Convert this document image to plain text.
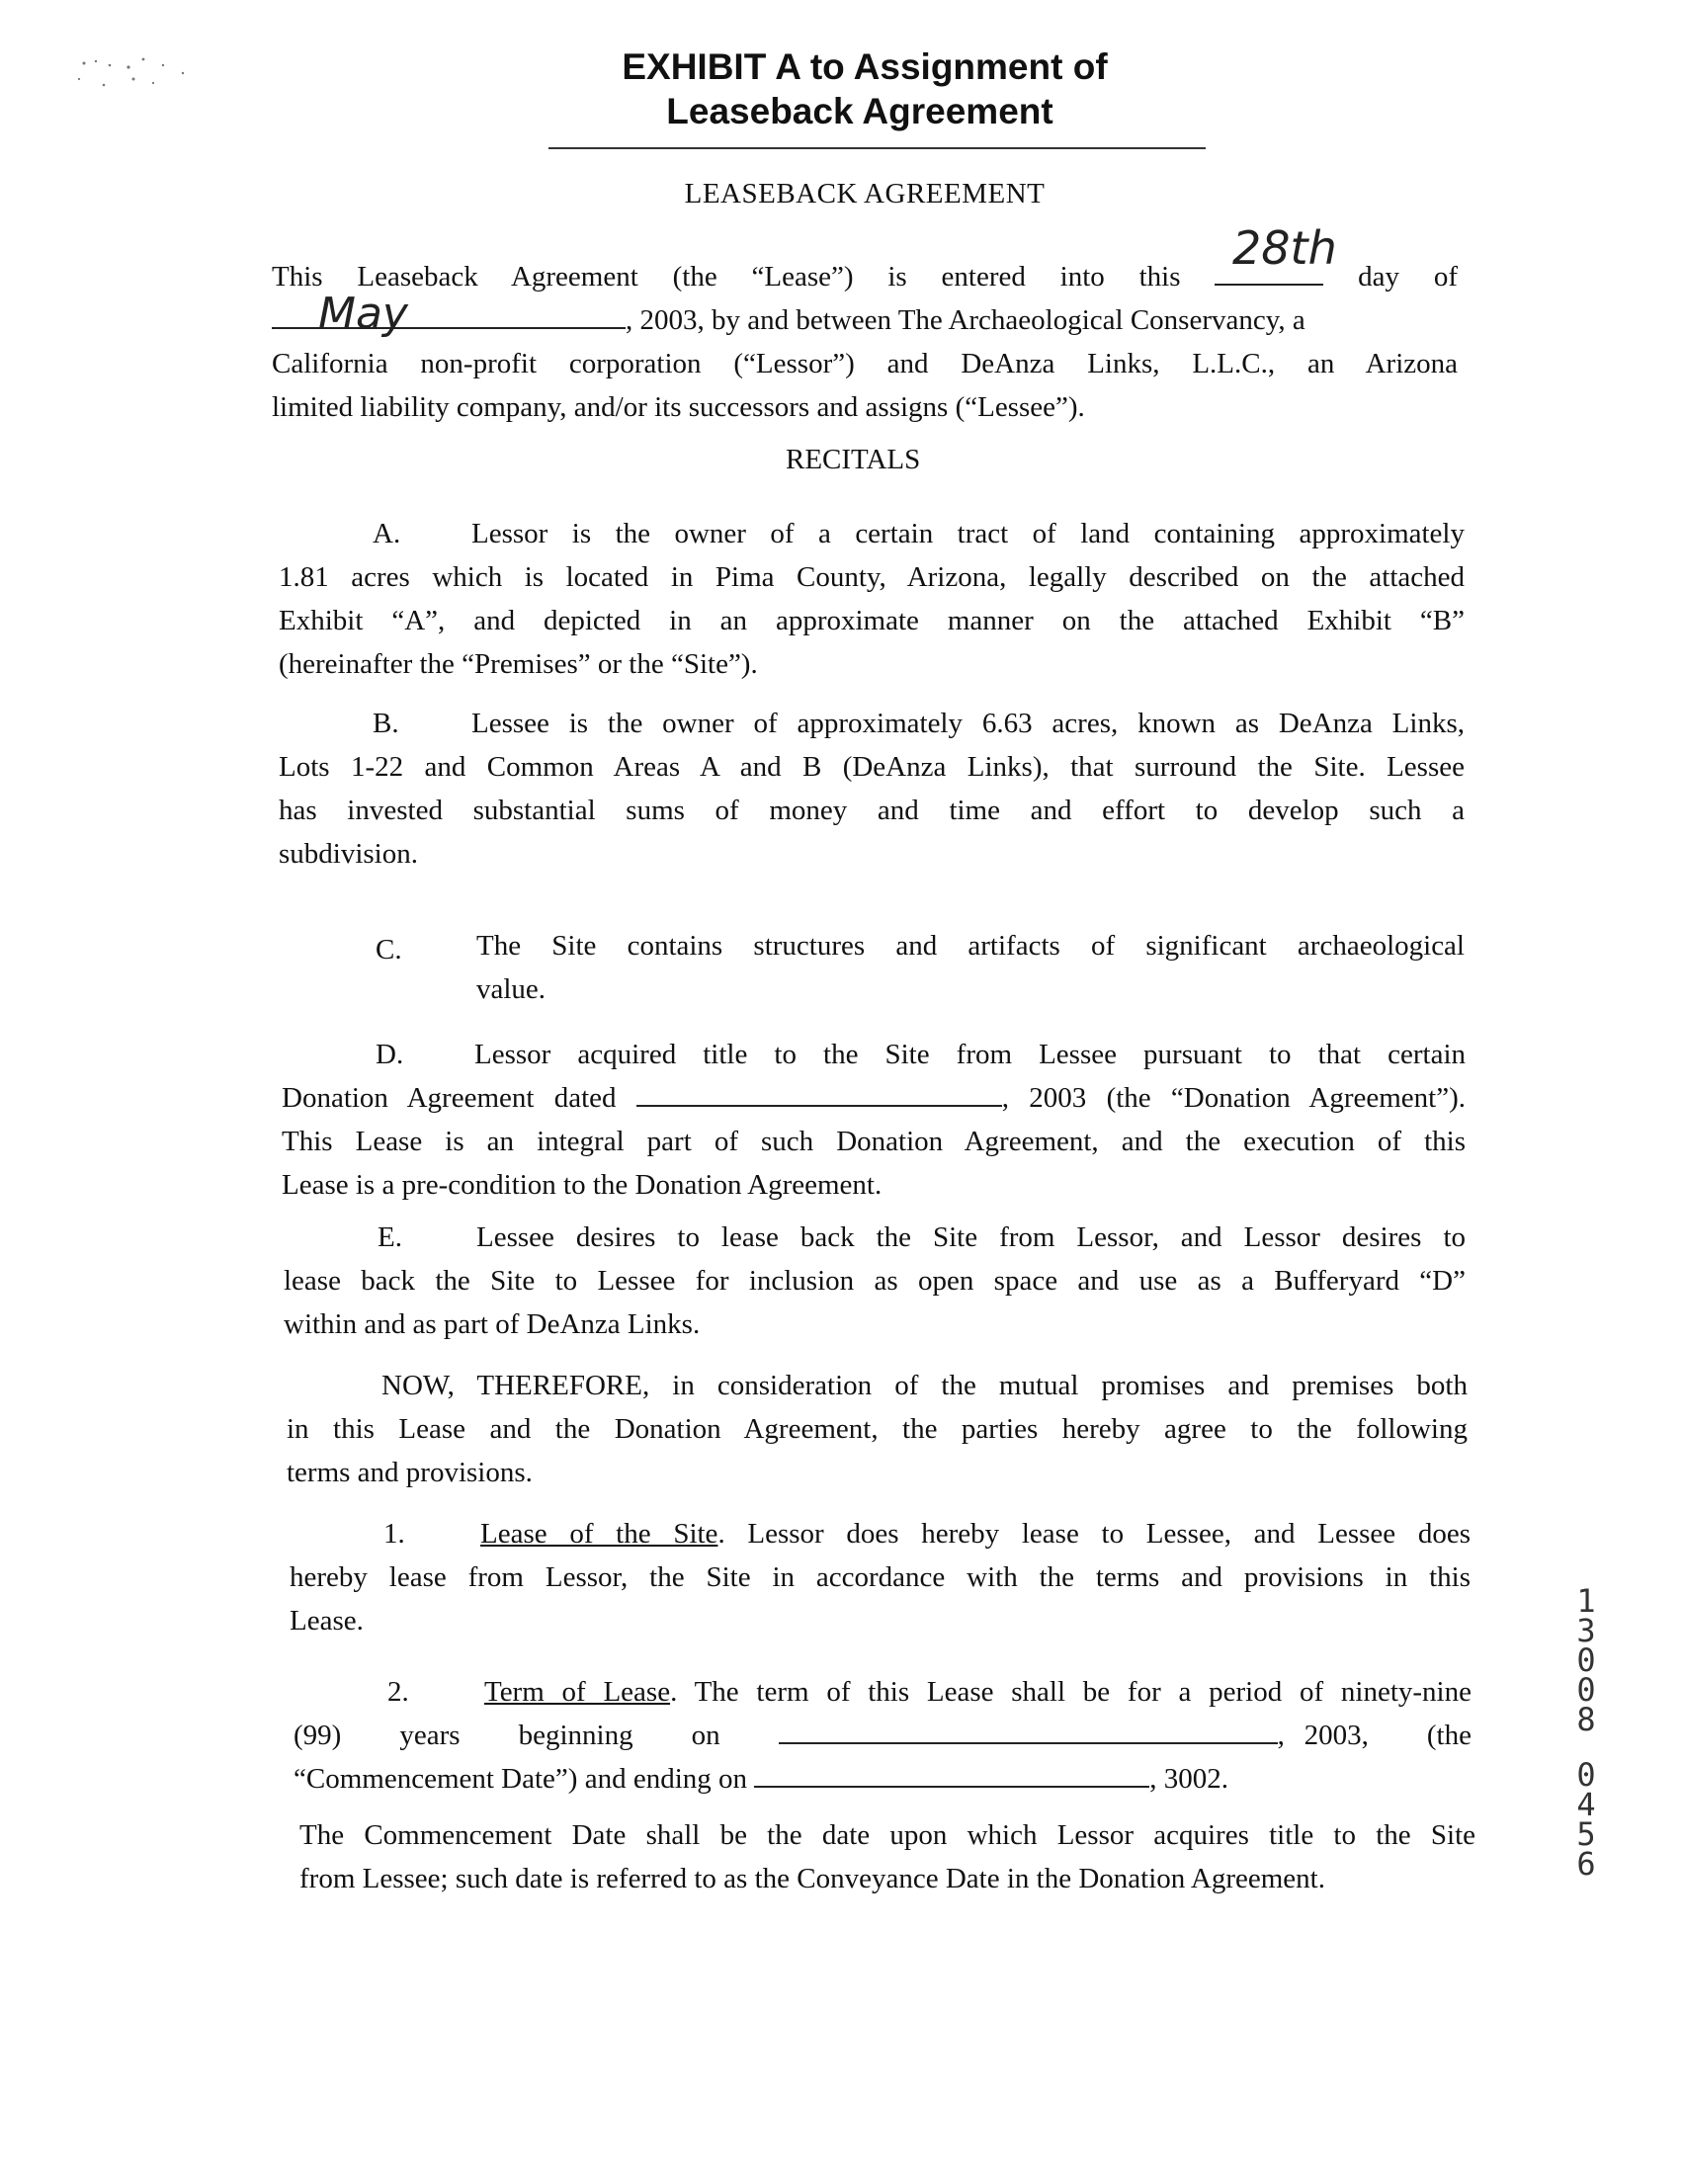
EXHIBIT A to Assignment of
Leaseback Agreement
LEASEBACK AGREEMENT
This Leaseback Agreement (the “Lease”) is entered into this	day of
, 2003, by and between The Archaeological Conservancy, a
California non-profit corporation (“Lessor”) and DeAnza Links, L.L.C., an Arizona
limited liability company, and/or its successors and assigns (“Lessee”).
28th
May
RECITALS
A. Lessor is the owner of a certain tract of land containing approximately
1.81 acres which is located in Pima County, Arizona, legally described on the attached
Exhibit “A”, and depicted in an approximate manner on the attached Exhibit “B”
(hereinafter the “Premises” or the “Site”).
B.	Lessee is the owner of approximately 6.63 acres, known as DeAnza Links,
Lots 1-22 and Common Areas A and B (DeAnza Links), that surround the Site. Lessee
has invested substantial sums of money and time and effort to develop such a
subdivision.
C.	The Site contains structures and artifacts of significant archaeological
value.
D. Lessor acquired title to the Site from Lessee pursuant to that certain
Donation Agreement dated	, 2003 (the “Donation Agreement”).
This Lease is an integral part of such Donation Agreement, and the execution of this
Lease is a pre-condition to the Donation Agreement.
E.	Lessee desires to lease back the Site from Lessor, and Lessor desires to
lease back the Site to Lessee for inclusion as open space and use as a Bufferyard “D”
within and as part of DeAnza Links.
NOW, THEREFORE, in consideration of the mutual promises and premises both
in this Lease and the Donation Agreement, the parties hereby agree to the following
terms and provisions.
1.	Lease of the Site. Lessor does hereby lease to Lessee, and Lessee does
hereby lease from Lessor, the Site in accordance with the terms and provisions in this
Lease.
2.	Term of Lease. The term of this Lease shall be for a period of ninety-nine
(99)   years   beginning   on	, 2003,   (the
“Commencement Date”) and ending on	, 3002.
The Commencement Date shall be the date upon which Lessor acquires title to the Site
from Lessee; such date is referred to as the Conveyance Date in the Donation Agreement.
1
3
0
0
8
0
4
5
6
